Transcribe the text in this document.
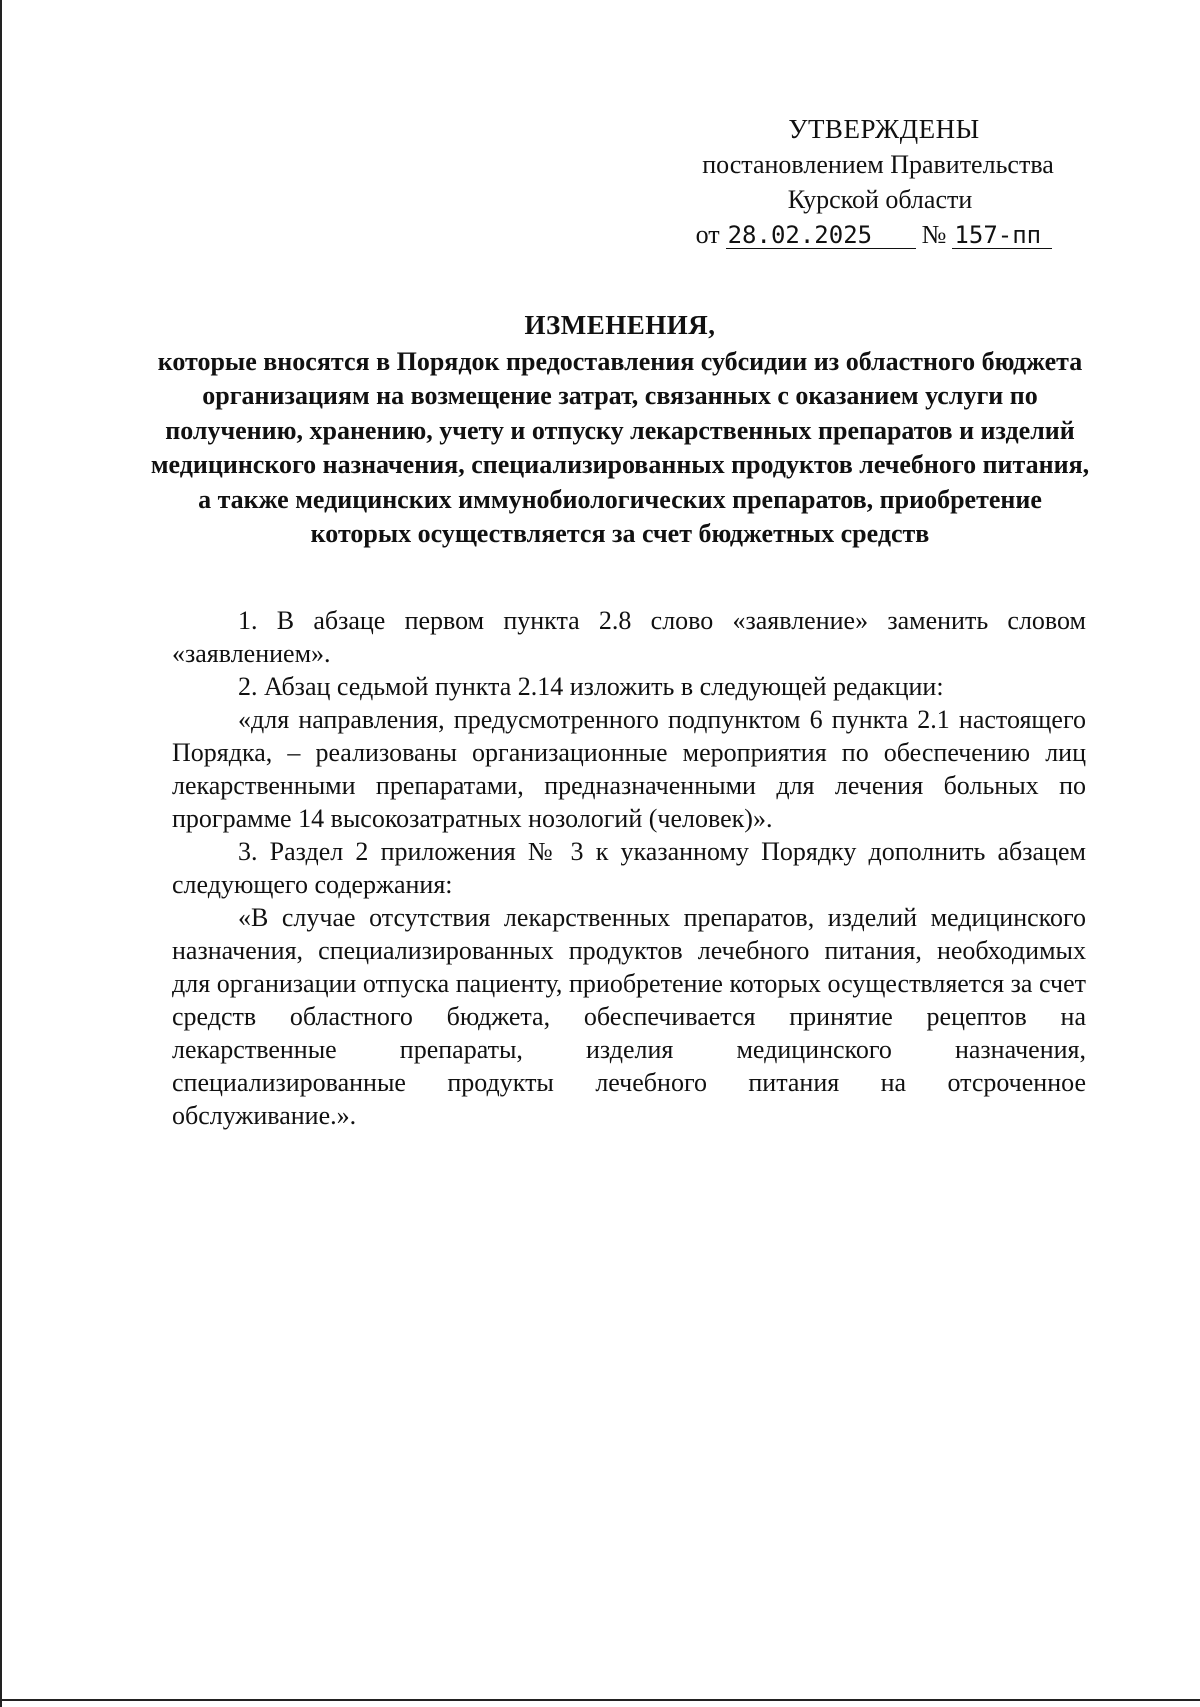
УТВЕРЖДЕНЫ
постановлением Правительства
Курской области
от 28.02.2025	№ 157-пп
ИЗМЕНЕНИЯ,
которые вносятся в Порядок предоставления субсидии из областного бюджета организациям на возмещение затрат, связанных с оказанием услуги по получению, хранению, учету и отпуску лекарственных препаратов и изделий медицинского назначения, специализированных продуктов лечебного питания, а также медицинских иммунобиологических препаратов, приобретение которых осуществляется за счет бюджетных средств

1. В абзаце первом пункта 2.8 слово «заявление» заменить словом «заявлением».

2. Абзац седьмой пункта 2.14 изложить в следующей редакции:

«для направления, предусмотренного подпунктом 6 пункта 2.1 настоящего Порядка, – реализованы организационные мероприятия по обеспечению лиц лекарственными препаратами, предназначенными для лечения больных по программе 14 высокозатратных нозологий (человек)».

3. Раздел 2 приложения № 3 к указанному Порядку дополнить абзацем следующего содержания:

«В случае отсутствия лекарственных препаратов, изделий медицинского назначения, специализированных продуктов лечебного питания, необходимых для организации отпуска пациенту, приобретение которых осуществляется за счет средств областного бюджета, обеспечивается принятие рецептов на лекарственные препараты, изделия медицинского назначения, специализированные продукты лечебного питания на отсроченное обслуживание.».
